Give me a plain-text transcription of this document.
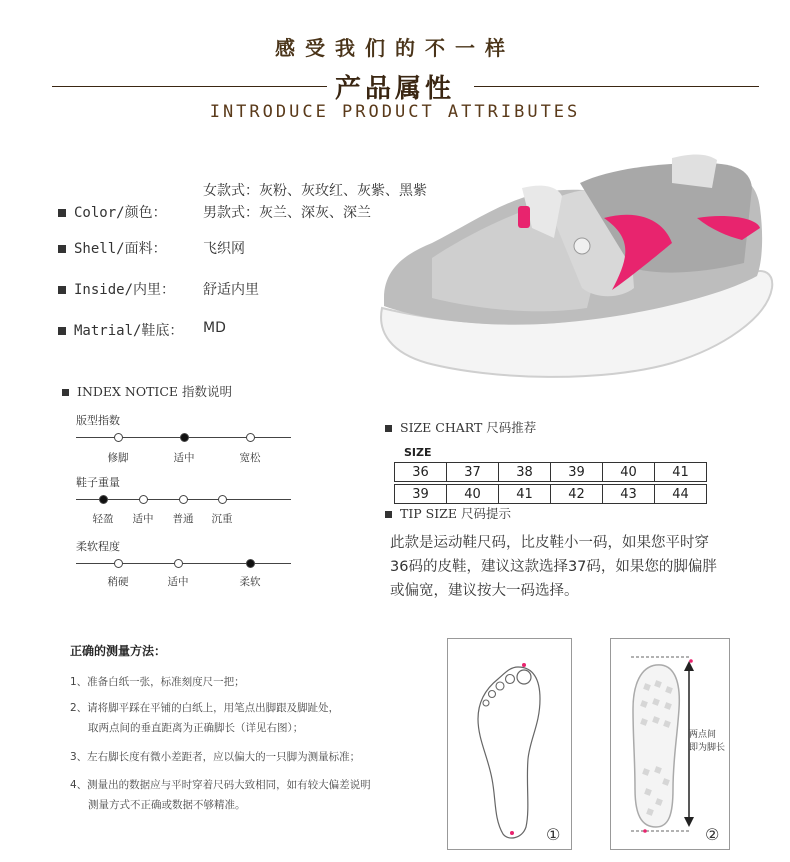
感受我们的不一样
产品属性
INTRODUCE PRODUCT ATTRIBUTES
女款式：灰粉、灰玫红、灰紫、黑紫
Color/颜色：	男款式：灰兰、深灰、深兰
Shell/面料：	飞织网
Inside/内里： 舒适内里
Matrial/鞋底： MD
INDEX NOTICE 指数说明
版型指数
修脚	适中	宽松
鞋子重量
轻盈	适中	普通	沉重
柔软程度
稍硬	适中	柔软
SIZE CHART 尺码推荐
SIZE
36	37	38	39	40	41
39	40	41	42	43	44
TIP SIZE 尺码提示
此款是运动鞋尺码，比皮鞋小一码，如果您平时穿36码的皮鞋，建议这款选择37码，如果您的脚偏胖或偏宽，建议按大一码选择。
正确的测量方法：
1、准备白纸一张，标准刻度尺一把；
2、请将脚平踩在平铺的白纸上，用笔点出脚跟及脚趾处，
取两点间的垂直距离为正确脚长（详见右图）；
3、左右脚长度有微小差距者，应以偏大的一只脚为测量标准；
4、测量出的数据应与平时穿着尺码大致相同，如有较大偏差说明
测量方式不正确或数据不够精准。
①
两点间
即为脚长
②
